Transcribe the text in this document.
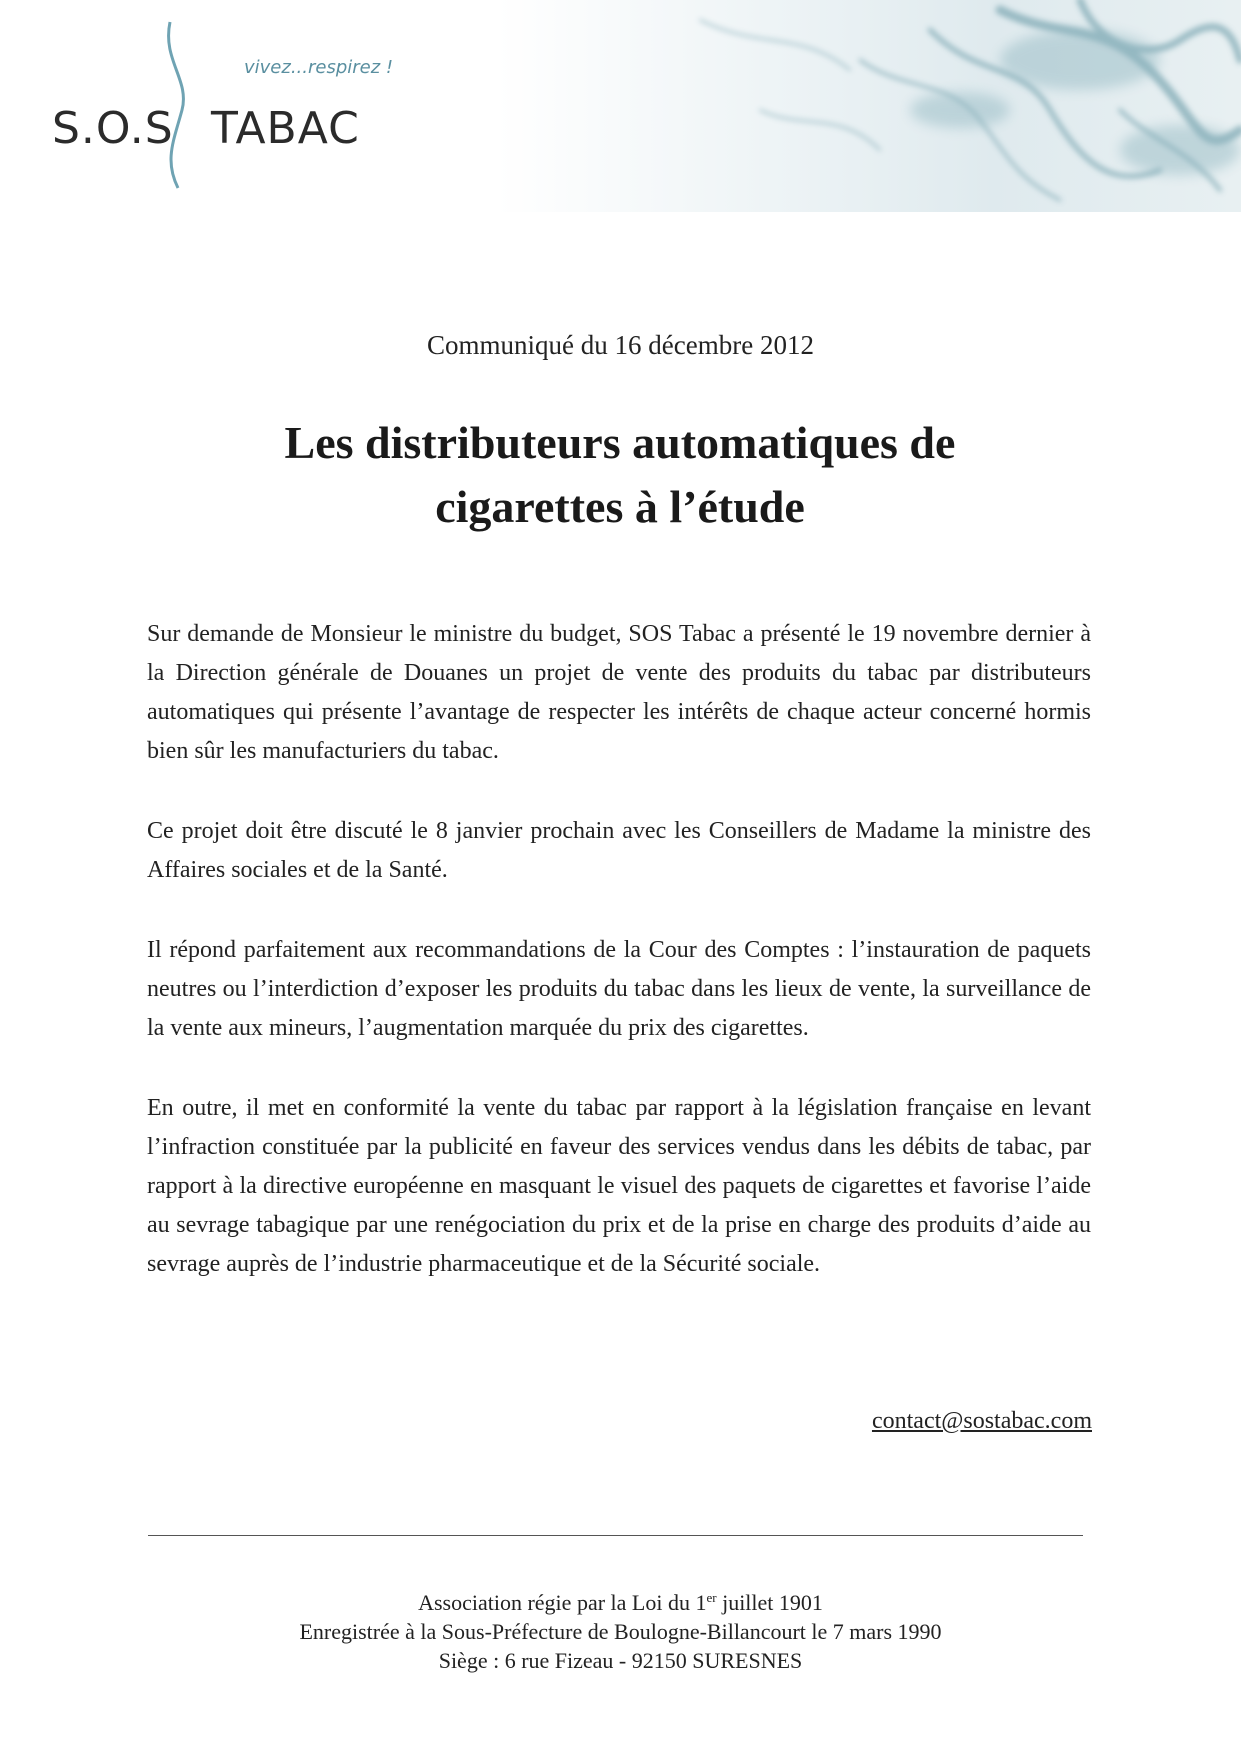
S.O.S TABAC
vivez...respirez !

Communiqué du 16 décembre 2012

Les distributeurs automatiques de
cigarettes à l’étude

Sur demande de Monsieur le ministre du budget, SOS Tabac a présenté le 19 novembre dernier à la Direction générale de Douanes un projet de vente des produits du tabac par distributeurs automatiques qui présente l’avantage de respecter les intérêts de chaque acteur concerné hormis bien sûr les manufacturiers du tabac.

Ce projet doit être discuté le 8 janvier prochain avec les Conseillers de Madame la ministre des Affaires sociales et de la Santé.

Il répond parfaitement aux recommandations de la Cour des Comptes : l’instauration de paquets neutres ou l’interdiction d’exposer les produits du tabac dans les lieux de vente, la surveillance de la vente aux mineurs, l’augmentation marquée du prix des cigarettes.

En outre, il met en conformité la vente du tabac par rapport à la législation française en levant l’infraction constituée par la publicité en faveur des services vendus dans les débits de tabac, par rapport à la directive européenne en masquant le visuel des paquets de cigarettes et favorise l’aide au sevrage tabagique par une renégociation du prix et de la prise en charge des produits d’aide au sevrage auprès de l’industrie pharmaceutique et de la Sécurité sociale.

contact@sostabac.com
Association régie par la Loi du 1er juillet 1901
Enregistrée à la Sous-Préfecture de Boulogne-Billancourt le 7 mars 1990
Siège : 6 rue Fizeau - 92150 SURESNES
